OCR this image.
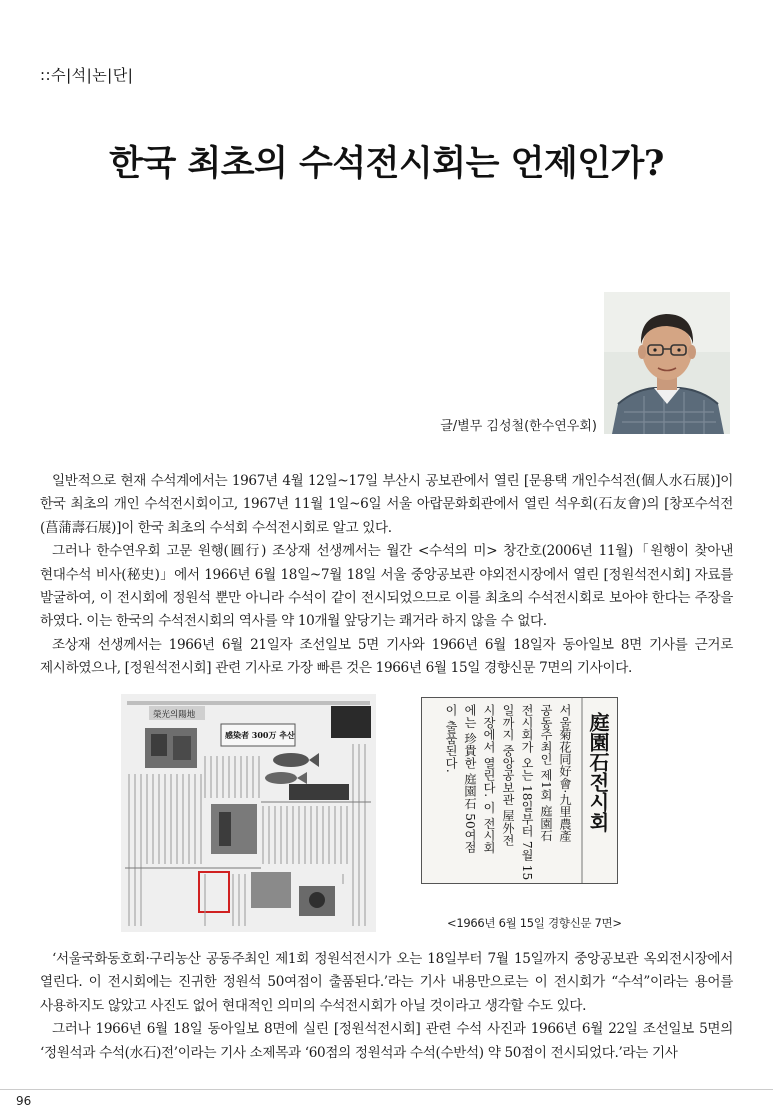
::수|석|논|단|
한국 최초의 수석전시회는 언제인가?
글/별무 김성철(한수연우회)

일반적으로 현재 수석계에서는 1967년 4월 12일~17일 부산시 공보관에서 열린 [문용택 개인수석전(個人水石展)]이 한국 최초의 개인 수석전시회이고, 1967년 11월 1일~6일 서울 아랍문화회관에서 열린 석우회(石友會)의 [창포수석전(菖蒲壽石展)]이 한국 최초의 수석회 수석전시회로 알고 있다.

그러나 한수연우회 고문 원행(圓行) 조상재 선생께서는 월간 <수석의 미> 창간호(2006년 11월)「원행이 찾아낸 현대수석 비사(秘史)」에서 1966년 6월 18일~7월 18일 서울 중앙공보관 야외전시장에서 열린 [정원석전시회] 자료를 발굴하여, 이 전시회에 정원석 뿐만 아니라 수석이 같이 전시되었으므로 이를 최초의 수석전시회로 보아야 한다는 주장을 하였다. 이는 한국의 수석전시회의 역사를 약 10개월 앞당기는 쾌거라 하지 않을 수 없다.

조상재 선생께서는 1966년 6월 21일자 조선일보 5면 기사와 1966년 6월 18일자 동아일보 8면 기사를 근거로 제시하였으나, [정원석전시회] 관련 기사로 가장 빠른 것은 1966년 6월 15일 경향신문 7면의 기사이다.

榮光의陽地
感染者 300万 추산	庭園石전시회
서울菊花同好會·九里農產
공동주최인 제1회 庭園石
전시회가 오는 18일부터 7월 15
일까지 중앙공보관 屋外전
시장에서 열린다. 이 전시회
에는 珍貴한 庭園石 50여점
이 출품된다.
<1966년 6월 15일 경향신문 7면>

‘서울국화동호회·구리농산 공동주최인 제1회 정원석전시가 오는 18일부터 7월 15일까지 중앙공보관 옥외전시장에서 열린다. 이 전시회에는 진귀한 정원석 50여점이 출품된다.’라는 기사 내용만으로는 이 전시회가 “수석”이라는 용어를 사용하지도 않았고 사진도 없어 현대적인 의미의 수석전시회가 아닐 것이라고 생각할 수도 있다.

그러나 1966년 6월 18일 동아일보 8면에 실린 [정원석전시회] 관련 수석 사진과 1966년 6월 22일 조선일보 5면의 ‘정원석과 수석(水石)전’이라는 기사 소제목과 ‘60점의 정원석과 수석(수반석) 약 50점이 전시되었다.’라는 기사

96
